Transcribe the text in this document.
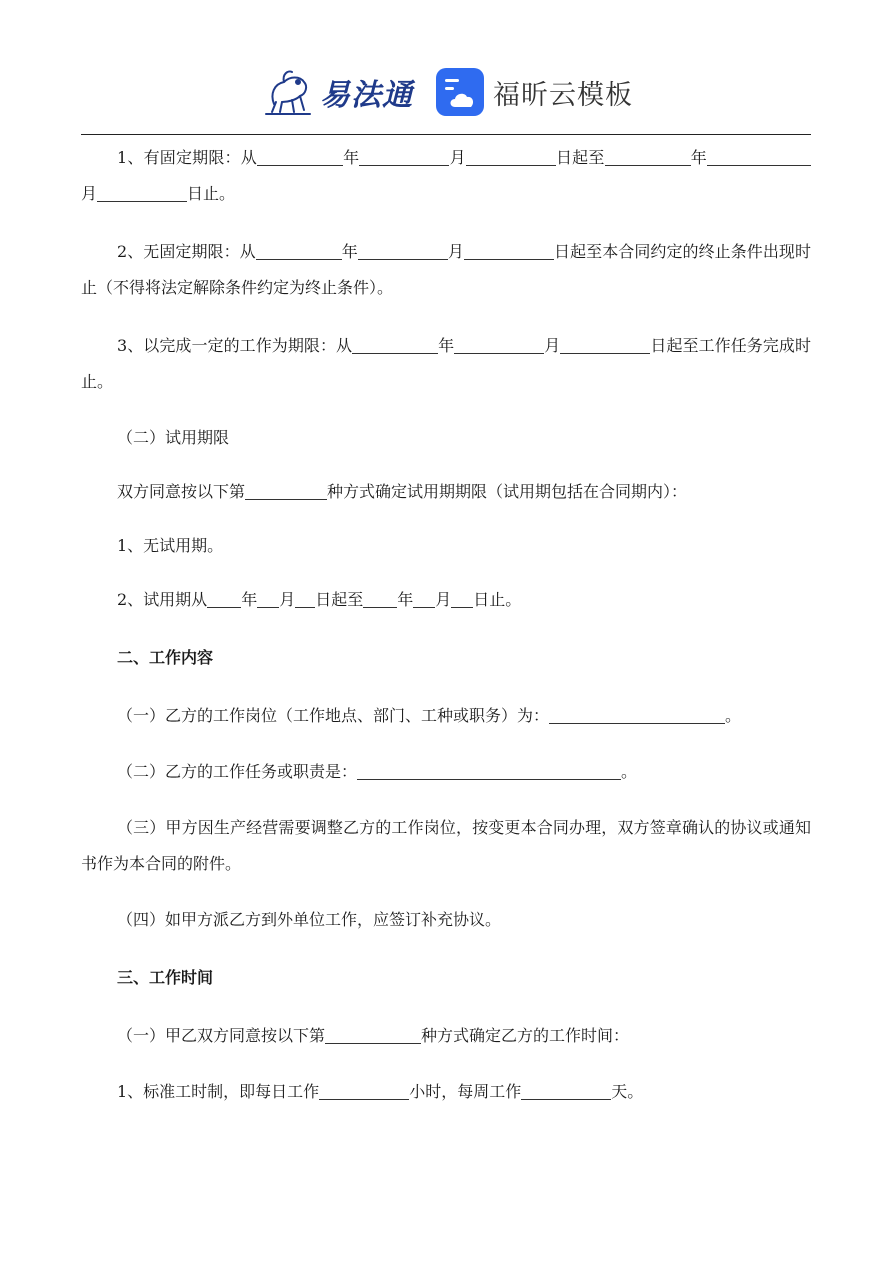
易法通	福昕云模板

1、有固定期限：从	年	月	日起至	年月	日止。

2、无固定期限：从	年	月	日起至本合同约定的终止条件出现时止（不得将法定解除条件约定为终止条件）。

3、以完成一定的工作为期限：从	年	月	日起至工作任务完成时止。

（二）试用期限

双方同意按以下第	种方式确定试用期期限（试用期包括在合同期内）：

1、无试用期。

2、试用期从 年 月 日起至 年 月 日止。

二、工作内容

（一）乙方的工作岗位（工作地点、部门、工种或职务）为：	。

（二）乙方的工作任务或职责是：	。

（三）甲方因生产经营需要调整乙方的工作岗位，按变更本合同办理，双方签章确认的协议或通知书作为本合同的附件。

（四）如甲方派乙方到外单位工作，应签订补充协议。

三、工作时间

（一）甲乙双方同意按以下第	种方式确定乙方的工作时间：

1、标准工时制，即每日工作	小时，每周工作	天。
